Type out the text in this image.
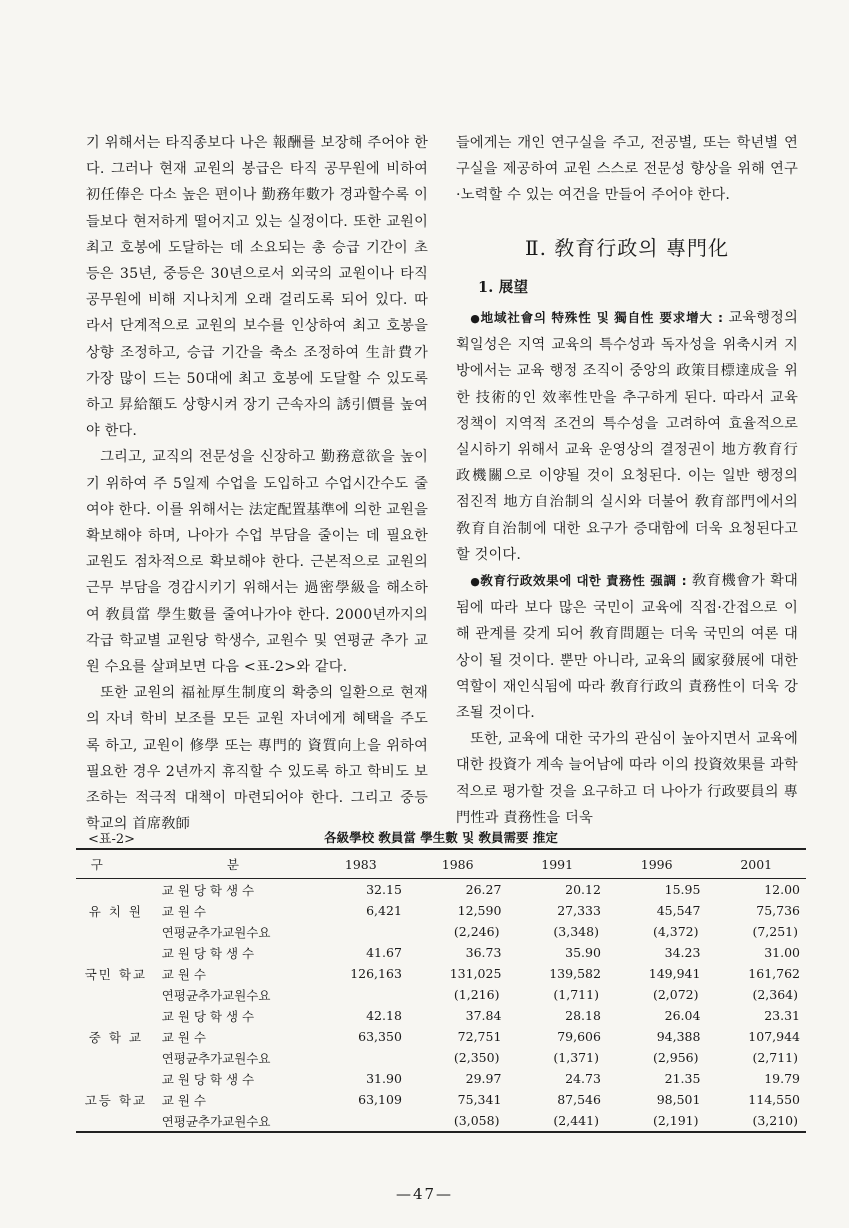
기 위해서는 타직종보다 나은 報酬를 보장해 주어야 한다. 그러나 현재 교원의 봉급은 타직 공무원에 비하여 初任俸은 다소 높은 편이나 勤務年數가 경과할수록 이들보다 현저하게 떨어지고 있는 실정이다. 또한 교원이 최고 호봉에 도달하는 데 소요되는 총 승급 기간이 초등은 35년, 중등은 30년으로서 외국의 교원이나 타직 공무원에 비해 지나치게 오래 걸리도록 되어 있다. 따라서 단계적으로 교원의 보수를 인상하여 최고 호봉을 상향 조정하고, 승급 기간을 축소 조정하여 生計費가 가장 많이 드는 50대에 최고 호봉에 도달할 수 있도록 하고 昇給額도 상향시켜 장기 근속자의 誘引價를 높여야 한다.

그리고, 교직의 전문성을 신장하고 勤務意欲을 높이기 위하여 주 5일제 수업을 도입하고 수업시간수도 줄여야 한다. 이를 위해서는 法定配置基準에 의한 교원을 확보해야 하며, 나아가 수업 부담을 줄이는 데 필요한 교원도 점차적으로 확보해야 한다. 근본적으로 교원의 근무 부담을 경감시키기 위해서는 過密學級을 해소하여 敎員當 學生數를 줄여나가야 한다. 2000년까지의 각급 학교별 교원당 학생수, 교원수 및 연평균 추가 교원 수요를 살펴보면 다음 <표-2>와 같다.

또한 교원의 福祉厚生制度의 확충의 일환으로 현재의 자녀 학비 보조를 모든 교원 자녀에게 혜택을 주도록 하고, 교원이 修學 또는 專門的 資質向上을 위하여 필요한 경우 2년까지 휴직할 수 있도록 하고 학비도 보조하는 적극적 대책이 마련되어야 한다. 그리고 중등 학교의 首席敎師

들에게는 개인 연구실을 주고, 전공별, 또는 학년별 연구실을 제공하여 교원 스스로 전문성 향상을 위해 연구·노력할 수 있는 여건을 만들어 주어야 한다.

Ⅱ. 敎育行政의 專門化
1. 展望

●地域社會의 特殊性 및 獨自性 要求增大 : 교육행정의 획일성은 지역 교육의 특수성과 독자성을 위축시켜 지방에서는 교육 행정 조직이 중앙의 政策目標達成을 위한 技術的인 效率性만을 추구하게 된다. 따라서 교육 정책이 지역적 조건의 특수성을 고려하여 효율적으로 실시하기 위해서 교육 운영상의 결정권이 地方敎育行政機關으로 이양될 것이 요청된다. 이는 일반 행정의 점진적 地方自治制의 실시와 더불어 敎育部門에서의 敎育自治制에 대한 요구가 증대함에 더욱 요청된다고 할 것이다.

●敎育行政效果에 대한 責務性 强調 : 敎育機會가 확대됨에 따라 보다 많은 국민이 교육에 직접·간접으로 이해 관계를 갖게 되어 敎育問題는 더욱 국민의 여론 대상이 될 것이다. 뿐만 아니라, 교육의 國家發展에 대한 역할이 재인식됨에 따라 敎育行政의 責務性이 더욱 강조될 것이다.

또한, 교육에 대한 국가의 관심이 높아지면서 교육에 대한 投資가 계속 늘어남에 따라 이의 投資效果를 과학적으로 평가할 것을 요구하고 더 나아가 行政要員의 專門性과 責務性을 더욱

<표-2>	各級學校 敎員當 學生數 및 敎員需要 推定
구 분		1983	1986	1991	1996	2001
유 치 원	교 원 당 학 생 수	32.15	26.27	20.12	15.95	12.00
	교 원 수	6,421	12,590	27,333	45,547	75,736
	연평균추가교원수요		(2,246)	(3,348)	(4,372)	(7,251)
국민 학교	교 원 당 학 생 수	41.67	36.73	35.90	34.23	31.00
	교 원 수	126,163	131,025	139,582	149,941	161,762
	연평균추가교원수요		(1,216)	(1,711)	(2,072)	(2,364)
중 학 교	교 원 당 학 생 수	42.18	37.84	28.18	26.04	23.31
	교 원 수	63,350	72,751	79,606	94,388	107,944
	연평균추가교원수요		(2,350)	(1,371)	(2,956)	(2,711)
고등 학교	교 원 당 학 생 수	31.90	29.97	24.73	21.35	19.79
	교 원 수	63,109	75,341	87,546	98,501	114,550
	연평균추가교원수요		(3,058)	(2,441)	(2,191)	(3,210)
—47—
